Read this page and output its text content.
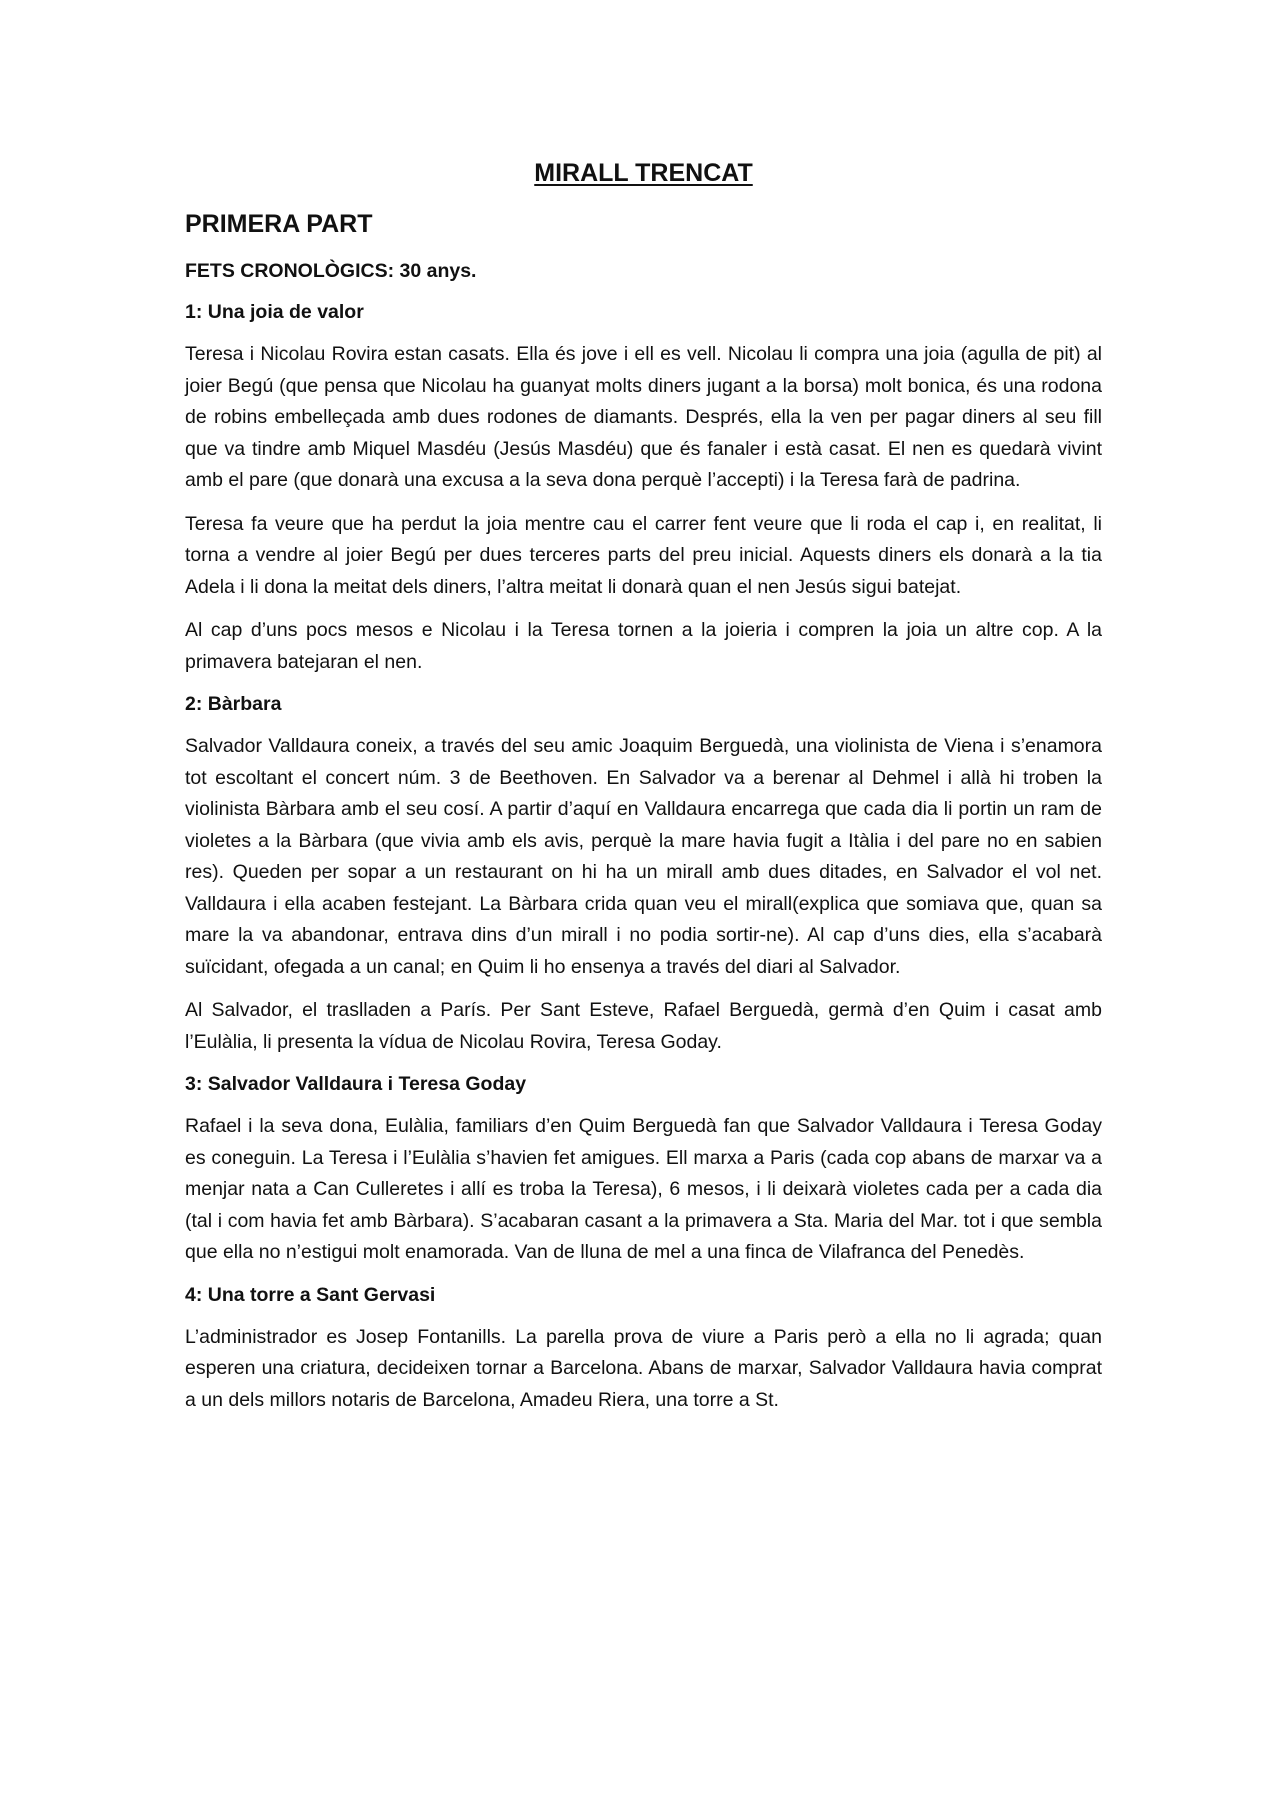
MIRALL TRENCAT
PRIMERA PART
FETS CRONOLÒGICS: 30 anys.
1: Una joia de valor

Teresa i Nicolau Rovira estan casats. Ella és jove i ell es vell. Nicolau li compra una joia (agulla de pit) al joier Begú (que pensa que Nicolau ha guanyat molts diners jugant a la borsa) molt bonica, és una rodona de robins embelleçada amb dues rodones de diamants. Després, ella la ven per pagar diners al seu fill que va tindre amb Miquel Masdéu (Jesús Masdéu) que és fanaler i està casat. El nen es quedarà vivint amb el pare (que donarà una excusa a la seva dona perquè l’accepti) i la Teresa farà de padrina.

Teresa fa veure que ha perdut la joia mentre cau el carrer fent veure que li roda el cap i, en realitat, li torna a vendre al joier Begú per dues terceres parts del preu inicial. Aquests diners els donarà a la tia Adela i li dona la meitat dels diners, l’altra meitat li donarà quan el nen Jesús sigui batejat.

Al cap d’uns pocs mesos e Nicolau i la Teresa tornen a la joieria i compren la joia un altre cop. A la primavera batejaran el nen.

2: Bàrbara

Salvador Valldaura coneix, a través del seu amic Joaquim Berguedà, una violinista de Viena i s’enamora tot escoltant el concert núm. 3 de Beethoven. En Salvador va a berenar al Dehmel i allà hi troben la violinista Bàrbara amb el seu cosí. A partir d’aquí en Valldaura encarrega que cada dia li portin un ram de violetes a la Bàrbara (que vivia amb els avis, perquè la mare havia fugit a Itàlia i del pare no en sabien res). Queden per sopar a un restaurant on hi ha un mirall amb dues ditades, en Salvador el vol net. Valldaura i ella acaben festejant. La Bàrbara crida quan veu el mirall(explica que somiava que, quan sa mare la va abandonar, entrava dins d’un mirall i no podia sortir-ne). Al cap d’uns dies, ella s’acabarà suïcidant, ofegada a un canal; en Quim li ho ensenya a través del diari al Salvador.

Al Salvador, el traslladen a París. Per Sant Esteve, Rafael Berguedà, germà d’en Quim i casat amb l’Eulàlia, li presenta la vídua de Nicolau Rovira, Teresa Goday.

3: Salvador Valldaura i Teresa Goday

Rafael i la seva dona, Eulàlia, familiars d’en Quim Berguedà fan que Salvador Valldaura i Teresa Goday es coneguin. La Teresa i l’Eulàlia s’havien fet amigues. Ell marxa a Paris (cada cop abans de marxar va a menjar nata a Can Culleretes i allí es troba la Teresa), 6 mesos, i li deixarà violetes cada per a cada dia (tal i com havia fet amb Bàrbara). S’acabaran casant a la primavera a Sta. Maria del Mar. tot i que sembla que ella no n’estigui molt enamorada. Van de lluna de mel a una finca de Vilafranca del Penedès.

4: Una torre a Sant Gervasi

L’administrador es Josep Fontanills. La parella prova de viure a Paris però a ella no li agrada; quan esperen una criatura, decideixen tornar a Barcelona. Abans de marxar, Salvador Valldaura havia comprat a un dels millors notaris de Barcelona, Amadeu Riera, una torre a St.
